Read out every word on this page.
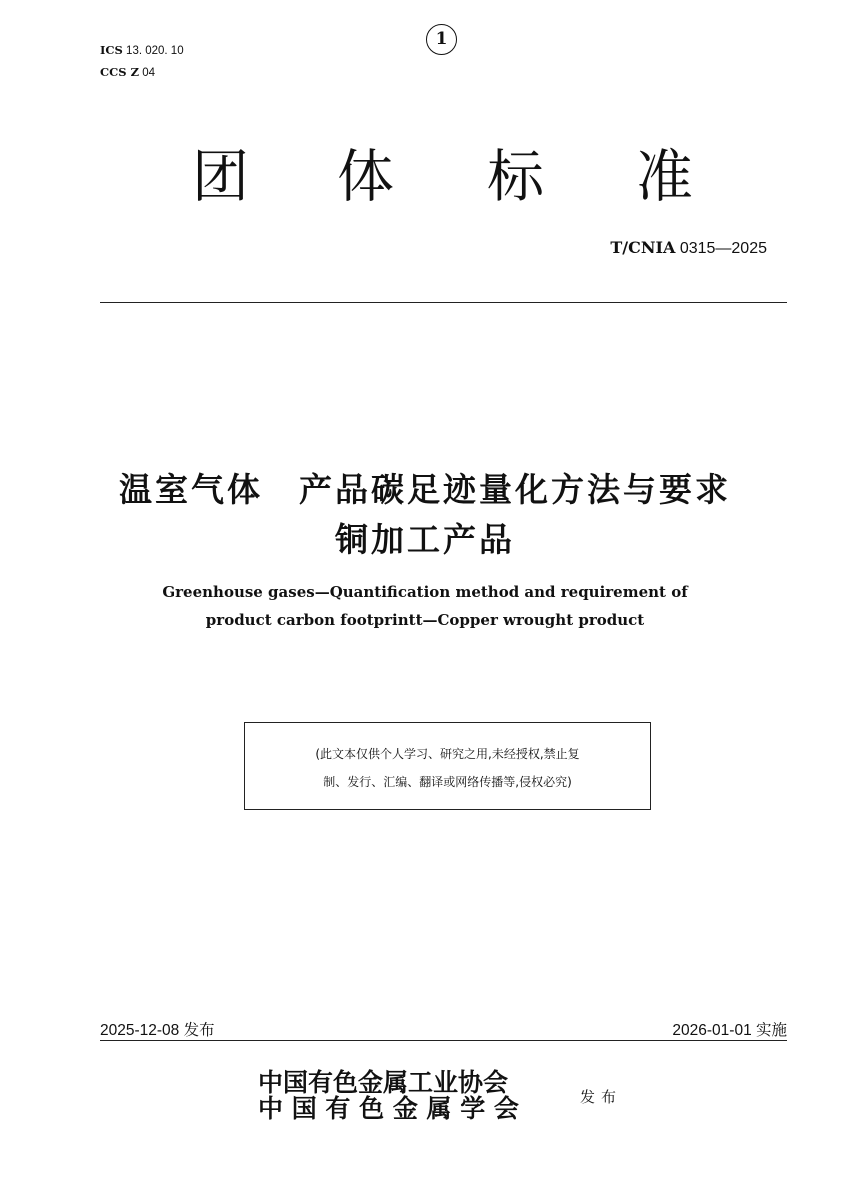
1
ICS 13. 020. 10
CCS Z 04
团 体 标 准
T/CNIA 0315—2025
温室气体　产品碳足迹量化方法与要求
铜加工产品
Greenhouse gases—Quantification method and requirement of
product carbon footprintt—Copper wrought product
(此文本仅供个人学习、研究之用,未经授权,禁止复
制、发行、汇编、翻译或网络传播等,侵权必究)
2025-12-08 发布	2026-01-01 实施
中国有色金属工业协会
中 国 有 色 金 属 学 会	发布
